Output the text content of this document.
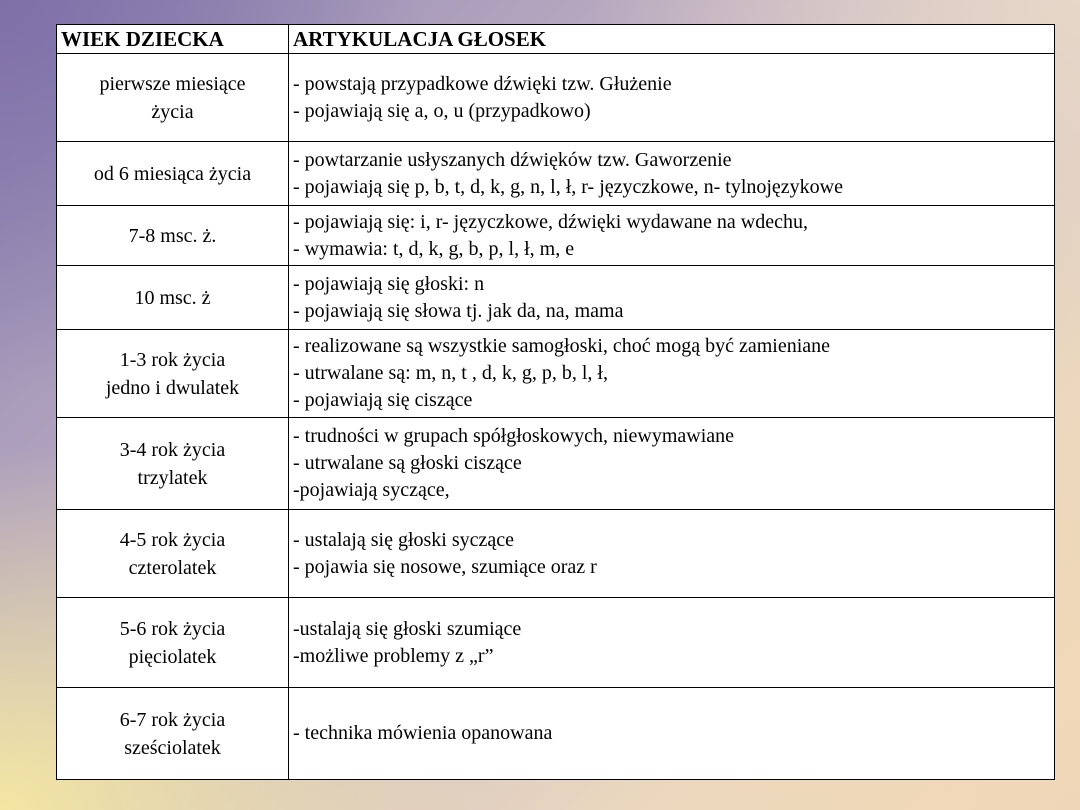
WIEK DZIECKA	ARTYKULACJA GŁOSEK

pierwsze miesiące
życia	- powstają przypadkowe dźwięki tzw. Głużenie
- pojawiają się a, o, u (przypadkowo)

od 6 miesiąca życia	- powtarzanie usłyszanych dźwięków tzw. Gaworzenie
- pojawiają się p, b, t, d, k, g, n, l, ł, r- języczkowe, n- tylnojęzykowe

7-8 msc. ż.	- pojawiają się: i, r- języczkowe, dźwięki wydawane na wdechu,
- wymawia: t, d, k, g, b, p, l, ł, m, e

10 msc. ż	- pojawiają się głoski: n
- pojawiają się słowa tj. jak da, na, mama

1-3 rok życia
jedno i dwulatek	- realizowane są wszystkie samogłoski, choć mogą być zamieniane
- utrwalane są: m, n, t , d, k, g, p, b, l, ł,
- pojawiają się ciszące

3-4 rok życia
trzylatek	- trudności w grupach spółgłoskowych, niewymawiane
- utrwalane są głoski ciszące
-pojawiają syczące,

4-5 rok życia
czterolatek	- ustalają się głoski syczące
- pojawia się nosowe, szumiące oraz r

5-6 rok życia
pięciolatek	-ustalają się głoski szumiące
-możliwe problemy z „r”

6-7 rok życia
sześciolatek	- technika mówienia opanowana
